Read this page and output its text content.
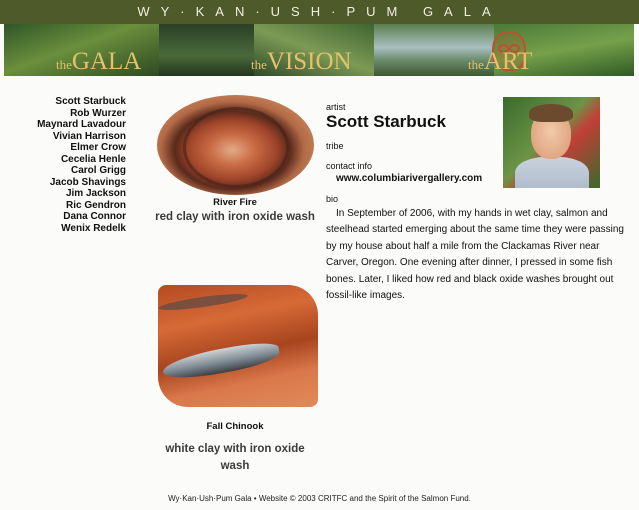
WY·KAN·USH·PUM GALA
theGALA	theVISION	theART
Scott Starbuck
Rob Wurzer
Maynard Lavadour
Vivian Harrison
Elmer Crow
Cecelia Henle
Carol Grigg
Jacob Shavings
Jim Jackson
Ric Gendron
Dana Connor
Wenix Redelk
River Fire
red clay with iron oxide wash
Fall Chinook
white clay with iron oxide wash
artist
Scott Starbuck
tribe
contact info
www.columbiarivergallery.com
bio
In September of 2006, with my hands in wet clay, salmon and steelhead started emerging about the same time they were passing by my house about half a mile from the Clackamas River near Carver, Oregon. One evening after dinner, I pressed in some fish bones. Later, I liked how red and black oxide washes brought out fossil-like images.
Wy·Kan·Ush·Pum Gala • Website © 2003 CRITFC and the Spirit of the Salmon Fund.
